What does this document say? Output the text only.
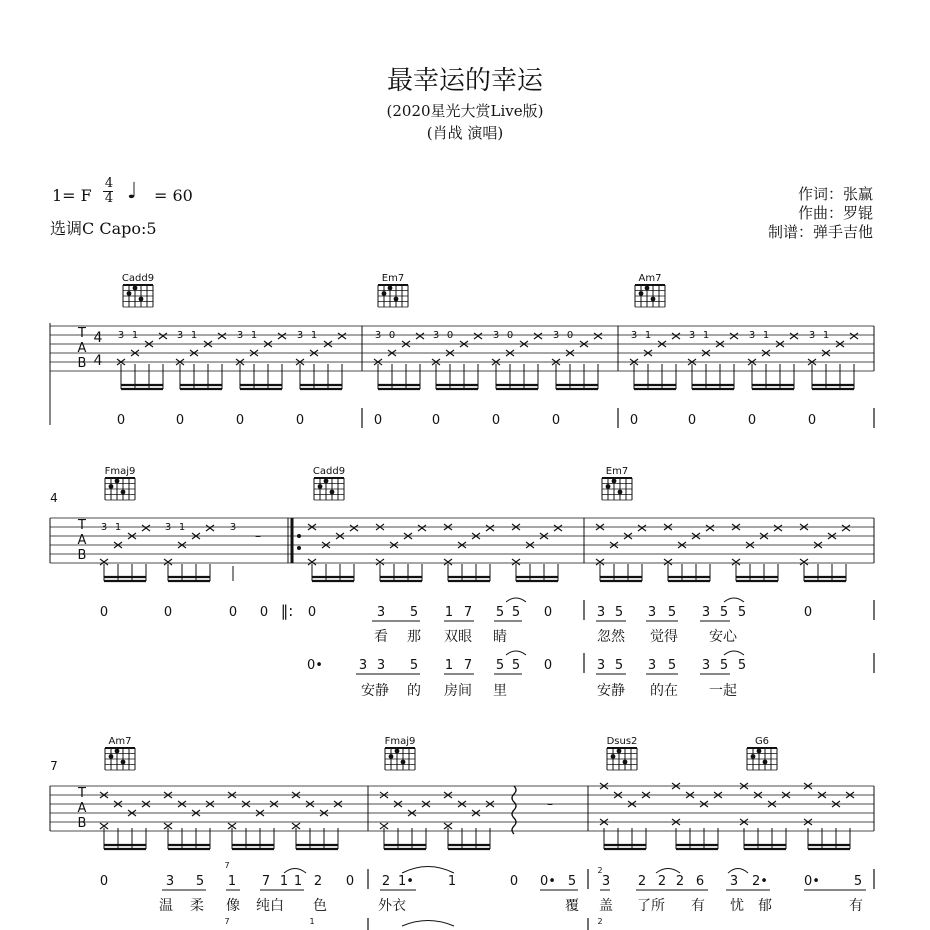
最幸运的幸运
(2020星光大赏Live版)
(肖战 演唱)
1= F
4
4 ♩ = 60
选调C Capo:5
作词：张赢
作曲：罗锟
制谱：弹手吉他
Cadd9	Em7	Am7
T
A
B
4
4
3 1	3 1	3 1	3 1	3 0	3 0	3 0	3 0	3 1	3 1	3 1	3 1
0	0	0	0	0	0	0	0	0	0	0	0
4
Fmaj9	Cadd9	Em7
T
A
B
3 1	3 1	3
–
0	0	0 0 ‖: 0	3 5 1 7 5 5 0	3 5 3 5 3 5 5	0
看 那 双眼 睛	忽然 觉得 安心
0•	3 3 5 1 7 5 5 0	3 5 3 5 3 5 5
安静 的 房间 里	安静 的在 一起
7
Am7	Fmaj9	Dsus2	G6
T
A
B
–
0	3 5 1 7 1 1 2 0 2 1•	1	0 0• 5 3 2 2 2 6 3 2•	0•	5
7
2
温 柔 像 纯白 色	外衣	覆 盖 了所 有 忧 郁	有
7	1	2
